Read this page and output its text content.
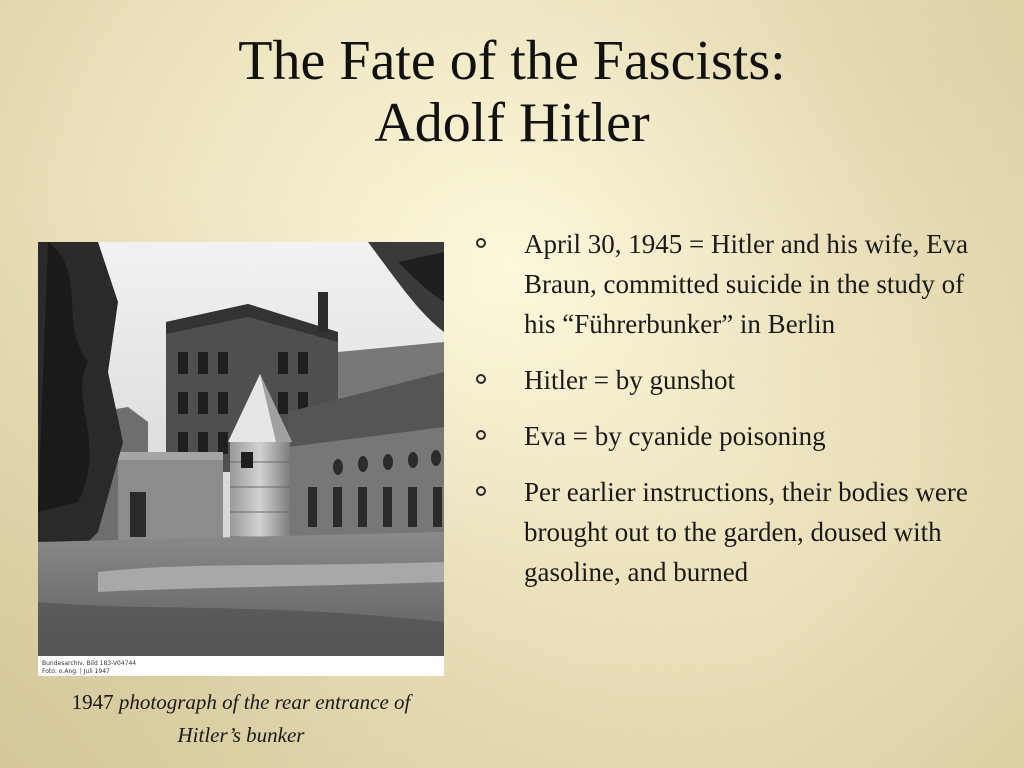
The Fate of the Fascists:
Adolf Hitler
Bundesarchiv, Bild 183-V04744
Foto: o.Ang. | Juli 1947
1947 photograph of the rear entrance of Hitler’s bunker
April 30, 1945 = Hitler and his wife, Eva Braun, committed suicide in the study of his “Führerbunker” in Berlin
Hitler = by gunshot
Eva = by cyanide poisoning
Per earlier instructions, their bodies were brought out to the garden, doused with gasoline, and burned
